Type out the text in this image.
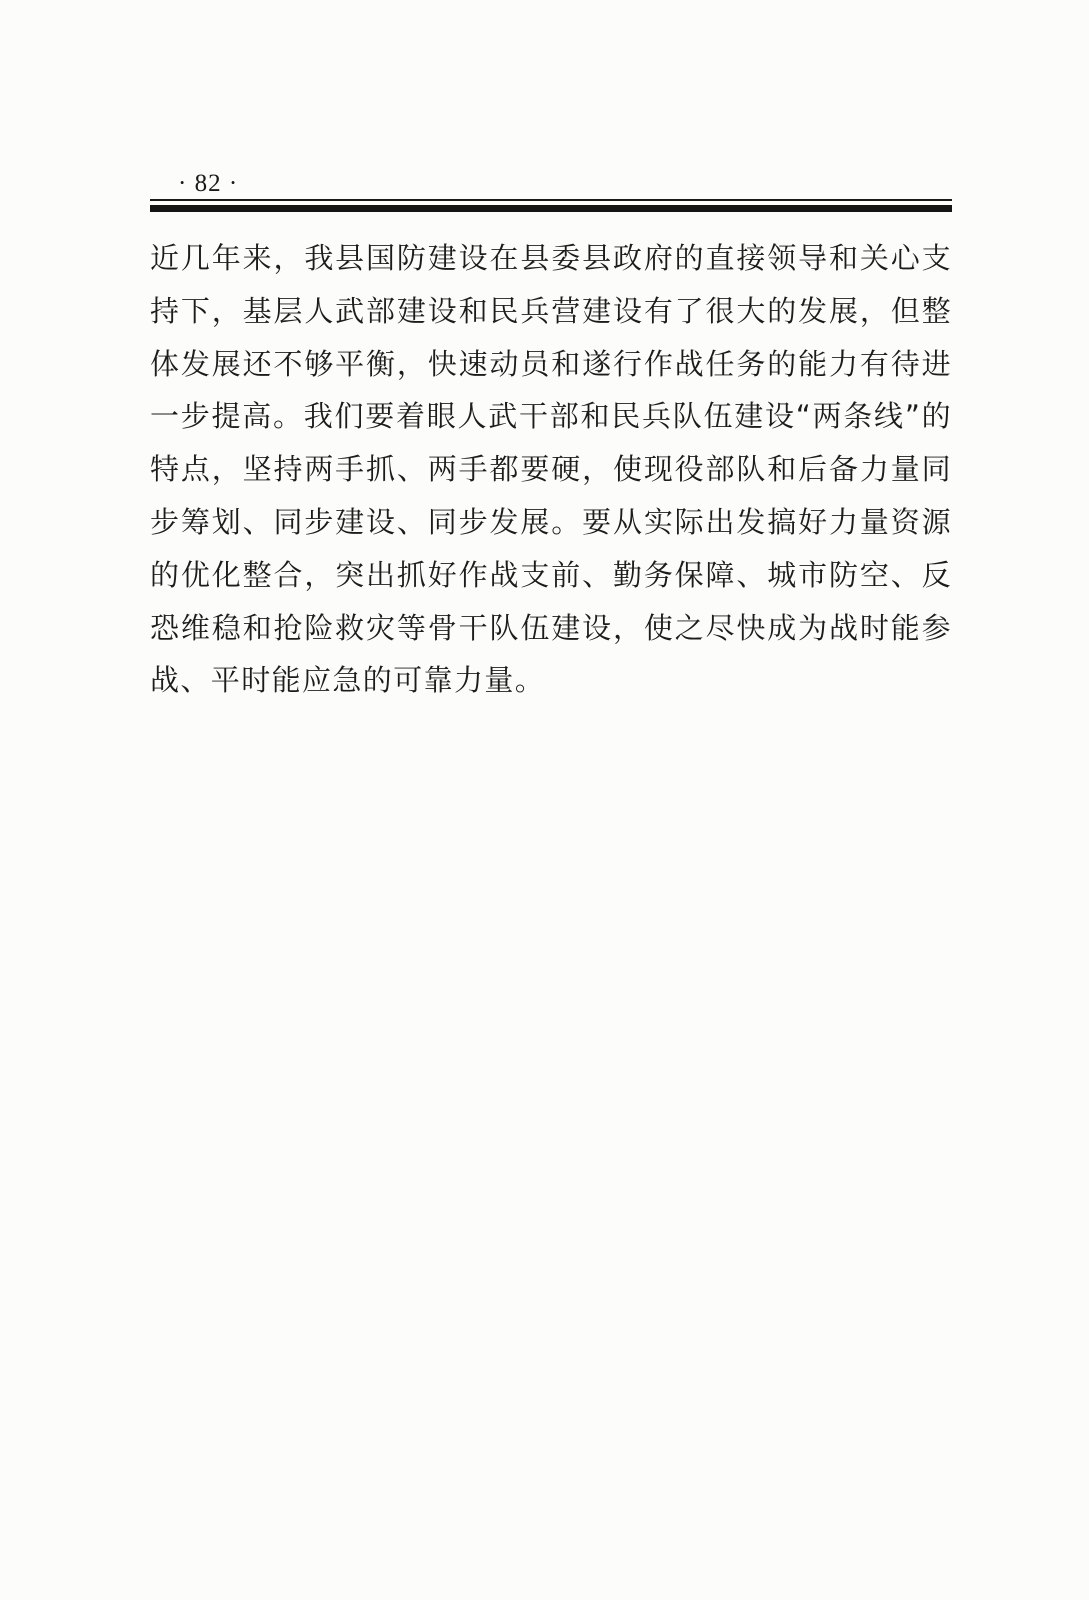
· 82 ·

近几年来，我县国防建设在县委县政府的直接领导和关心支持下，基层人武部建设和民兵营建设有了很大的发展，但整体发展还不够平衡，快速动员和遂行作战任务的能力有待进一步提高。我们要着眼人武干部和民兵队伍建设“两条线”的特点，坚持两手抓、两手都要硬，使现役部队和后备力量同步筹划、同步建设、同步发展。要从实际出发搞好力量资源的优化整合，突出抓好作战支前、勤务保障、城市防空、反恐维稳和抢险救灾等骨干队伍建设，使之尽快成为战时能参战、平时能应急的可靠力量。
